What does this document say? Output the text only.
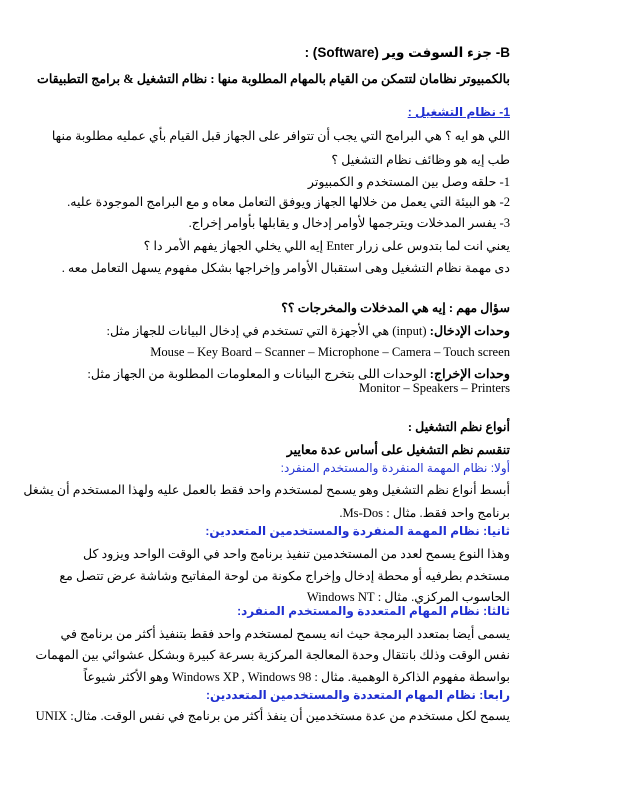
B- جزء السوفت وير (Software) :
بالكمبيوتر نظامان لتتمكن من القيام بالمهام المطلوبة منها : نظام التشغيل & برامج التطبيقات
1- نظام التشغيل :
اللي هو ايه ؟ هي البرامج التي يجب أن تتوافر على الجهاز قبل القيام بأي عمليه مطلوبة منها
طب إيه هو وظائف نظام التشغيل ؟
1- حلقه وصل بين المستخدم و الكمبيوتر
2- هو البيئة التي يعمل من خلالها الجهاز ويوفق التعامل معاه و مع البرامج الموجودة عليه.
3- يفسر المدخلات ويترجمها لأوامر إدخال و يقابلها بأوامر إخراج.
يعني انت لما بتدوس على زرار Enter إيه اللي يخلي الجهاز يفهم الأمر دا ؟
دى مهمة نظام التشغيل وهى استقبال الأوامر وإخراجها بشكل مفهوم يسهل التعامل معه .
سؤال مهم : إيه هي المدخلات والمخرجات ؟؟
وحدات الإدخال: (input) هي الأجهزة التي تستخدم في إدخال البيانات للجهاز مثل:
Mouse – Key Board – Scanner – Microphone – Camera – Touch screen
وحدات الإخراج: الوحدات اللى بتخرج البيانات و المعلومات المطلوبة من الجهاز مثل:
Monitor – Speakers – Printers
أنواع نظم التشغيل :
تنقسم نظم التشغيل على أساس عدة معايير
أولا: نظام المهمة المنفردة والمستخدم المنفرد:
أبسط أنواع نظم التشغيل وهو يسمح لمستخدم واحد فقط بالعمل عليه ولهذا المستخدم أن يشغل
برنامج واحد فقط. مثال : Ms-Dos.
ثانيا: نظام المهمة المنفردة والمستخدمين المتعددين:
وهذا النوع يسمح لعدد من المستخدمين تنفيذ برنامج واحد في الوقت الواحد ويزود كل
مستخدم بطرفيه أو محطة إدخال وإخراج مكونة من لوحة المفاتيح وشاشة عرض تتصل مع
الحاسوب المركزي. مثال : Windows NT
ثالثا: نظام المهام المتعددة والمستخدم المنفرد:
يسمى أيضا بمتعدد البرمجة حيث انه يسمح لمستخدم واحد فقط بتنفيذ أكثر من برنامج في
نفس الوقت وذلك بانتقال وحدة المعالجة المركزية بسرعة كبيرة وبشكل عشوائي بين المهمات
بواسطة مفهوم الذاكرة الوهمية. مثال : Windows XP , Windows 98 وهو الأكثر شيوعاً
رابعا: نظام المهام المتعددة والمستخدمين المتعددين:
يسمح لكل مستخدم من عدة مستخدمين أن ينفذ أكثر من برنامج في نفس الوقت. مثال: UNIX
